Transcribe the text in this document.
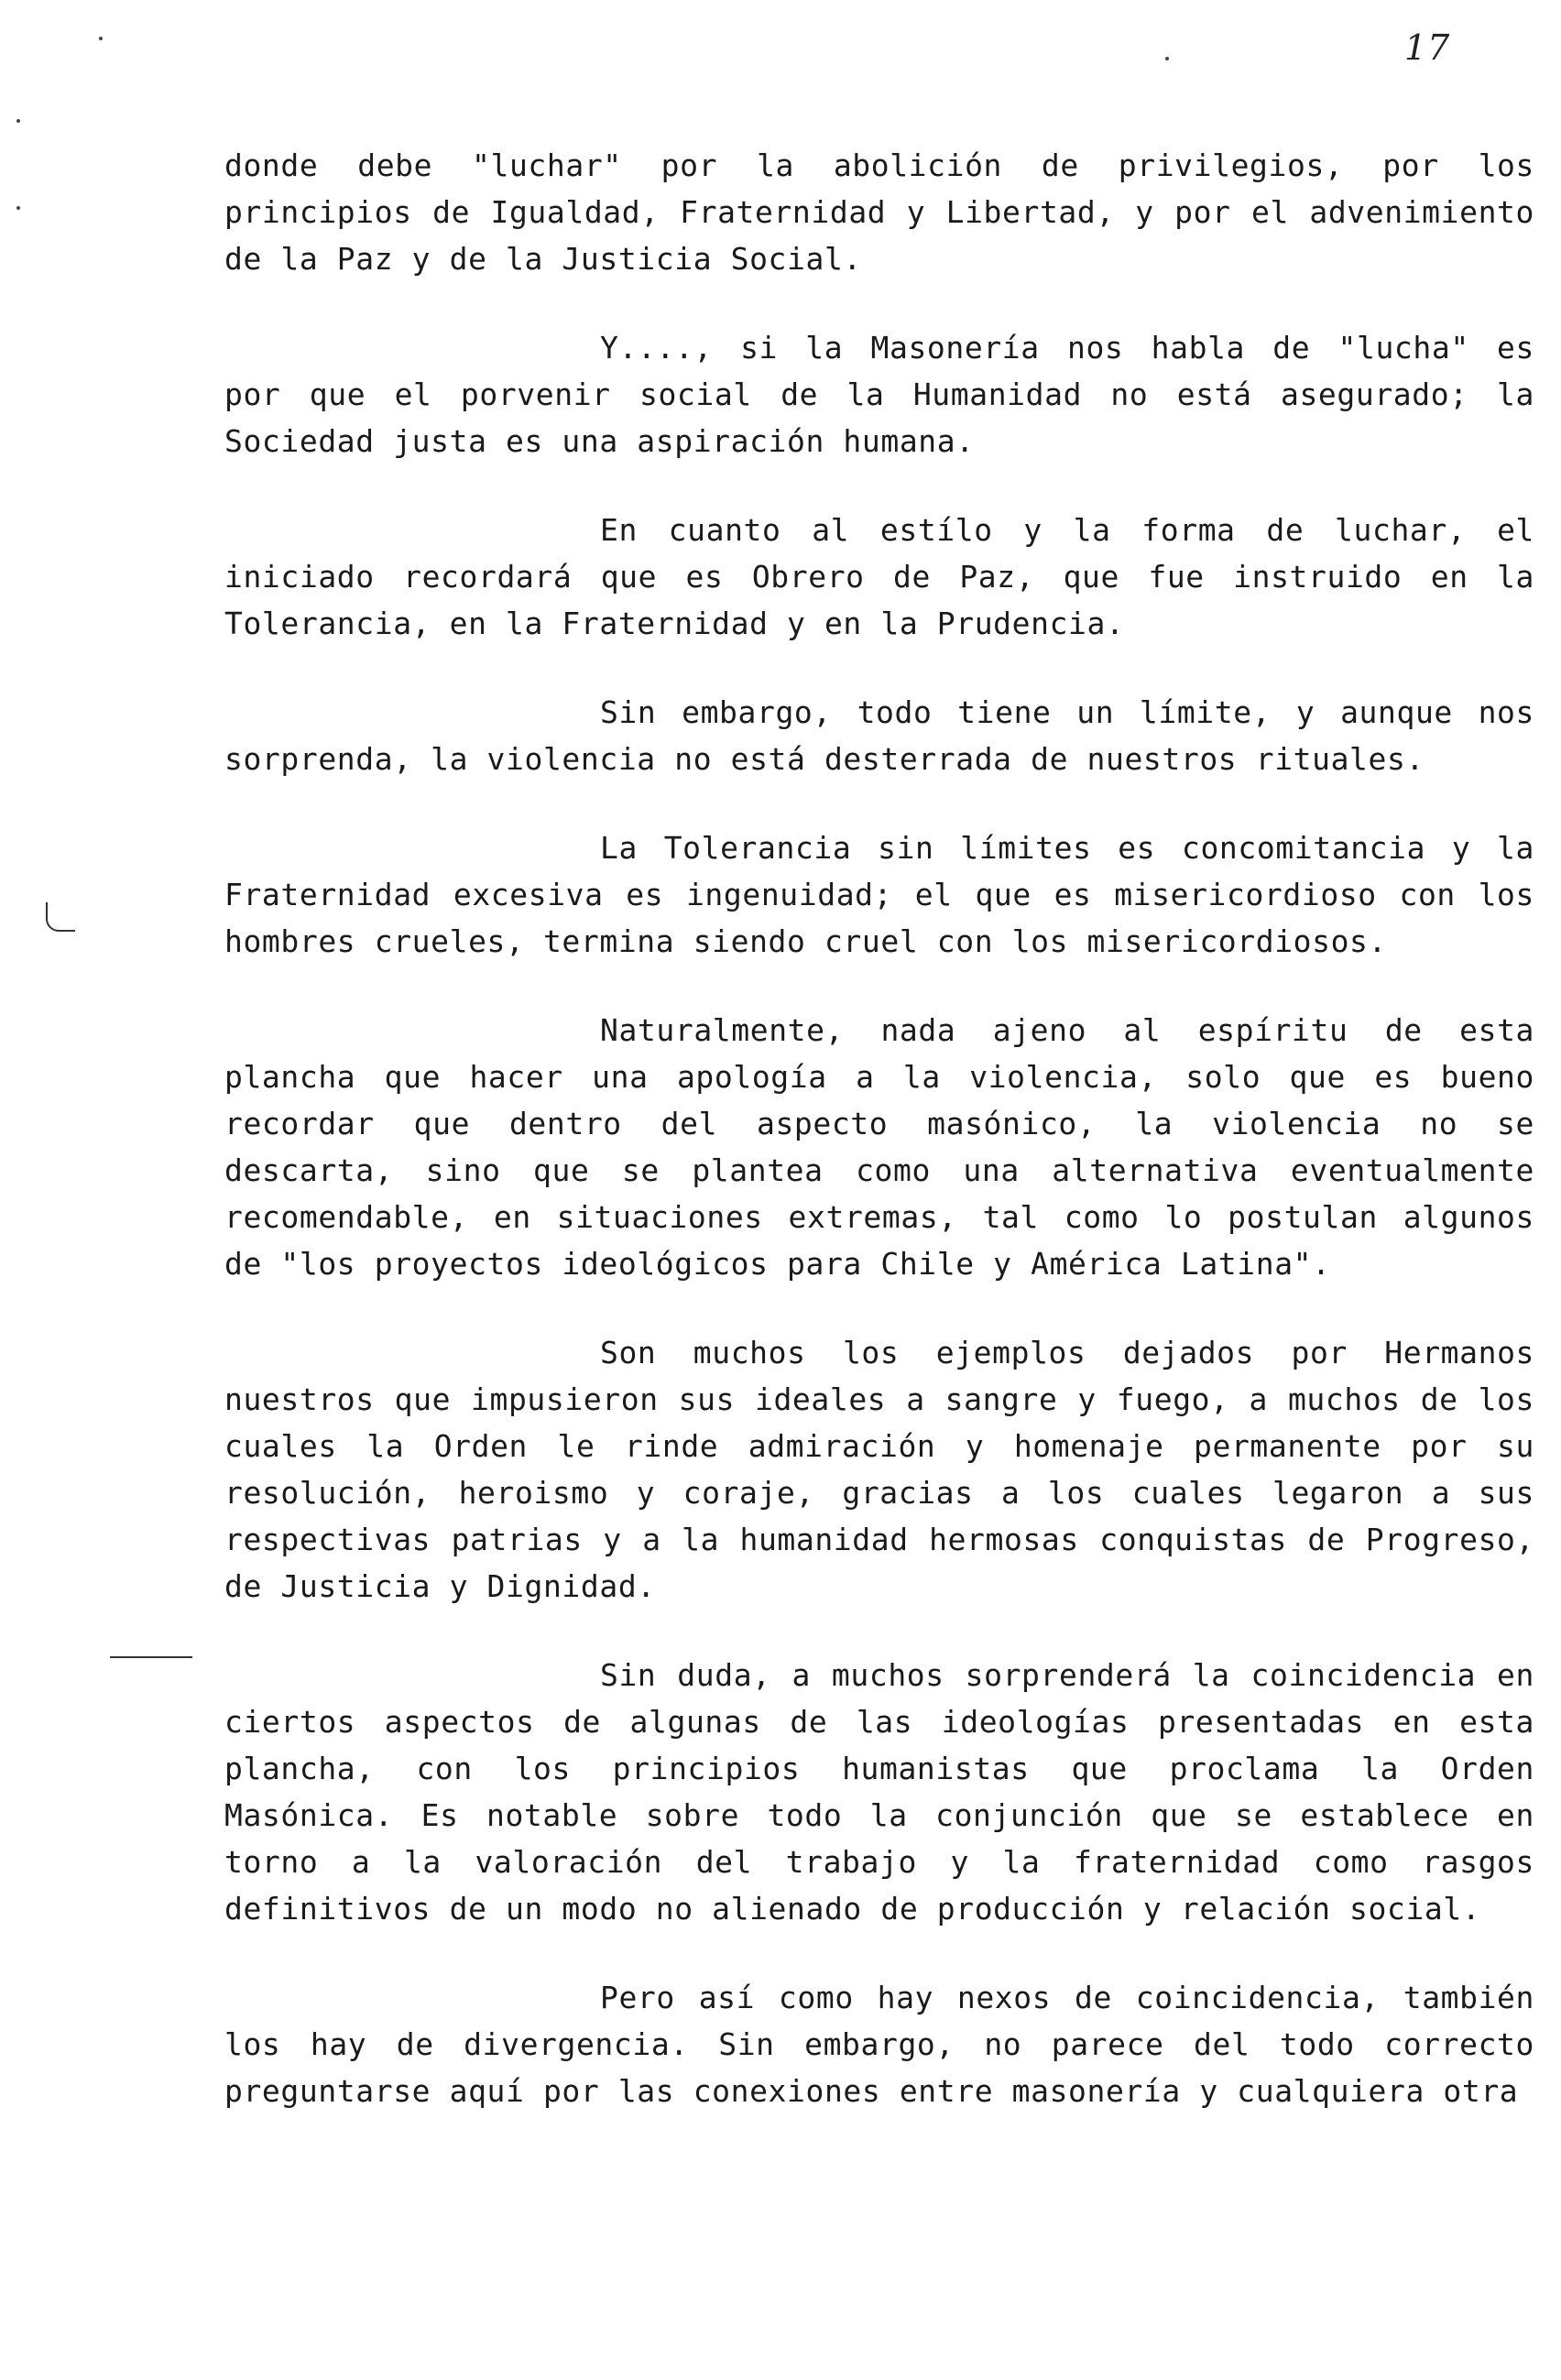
17

donde debe "luchar" por la abolición de privilegios, por los principios de Igualdad, Fraternidad y Libertad, y por el advenimiento de la Paz y de la Justicia Social.

Y...., si la Masonería nos habla de "lucha" es por que el porvenir social de la Humanidad no está asegurado; la Sociedad justa es una aspiración humana.

En cuanto al estílo y la forma de luchar, el iniciado recordará que es Obrero de Paz, que fue instruido en la Tolerancia, en la Fraternidad y en la Prudencia.

Sin embargo, todo tiene un límite, y aunque nos sorprenda, la violencia no está desterrada de nuestros rituales.

La Tolerancia sin límites es concomitancia y la Fraternidad excesiva es ingenuidad; el que es misericordioso con los hombres crueles, termina siendo cruel con los misericordiosos.

Naturalmente, nada ajeno al espíritu de esta plancha que hacer una apología a la violencia, solo que es bueno recordar que dentro del aspecto masónico, la violencia no se descarta, sino que se plantea como una alternativa eventualmente recomendable, en situaciones extremas, tal como lo postulan algunos de "los proyectos ideológicos para Chile y América Latina".

Son muchos los ejemplos dejados por Hermanos nuestros que impusieron sus ideales a sangre y fuego, a muchos de los cuales la Orden le rinde admiración y homenaje permanente por su resolución, heroismo y coraje, gracias a los cuales legaron a sus respectivas patrias y a la humanidad hermosas conquistas de Progreso, de Justicia y Dignidad.

Sin duda, a muchos sorprenderá la coincidencia en ciertos aspectos de algunas de las ideologías presentadas en esta plancha, con los principios humanistas que proclama la Orden Masónica. Es notable sobre todo la conjunción que se establece en torno a la valoración del trabajo y la fraternidad como rasgos definitivos de un modo no alienado de producción y relación social.

Pero así como hay nexos de coincidencia, también los hay de divergencia. Sin embargo, no parece del todo correcto preguntarse aquí por las conexiones entre masonería y cualquiera otra
